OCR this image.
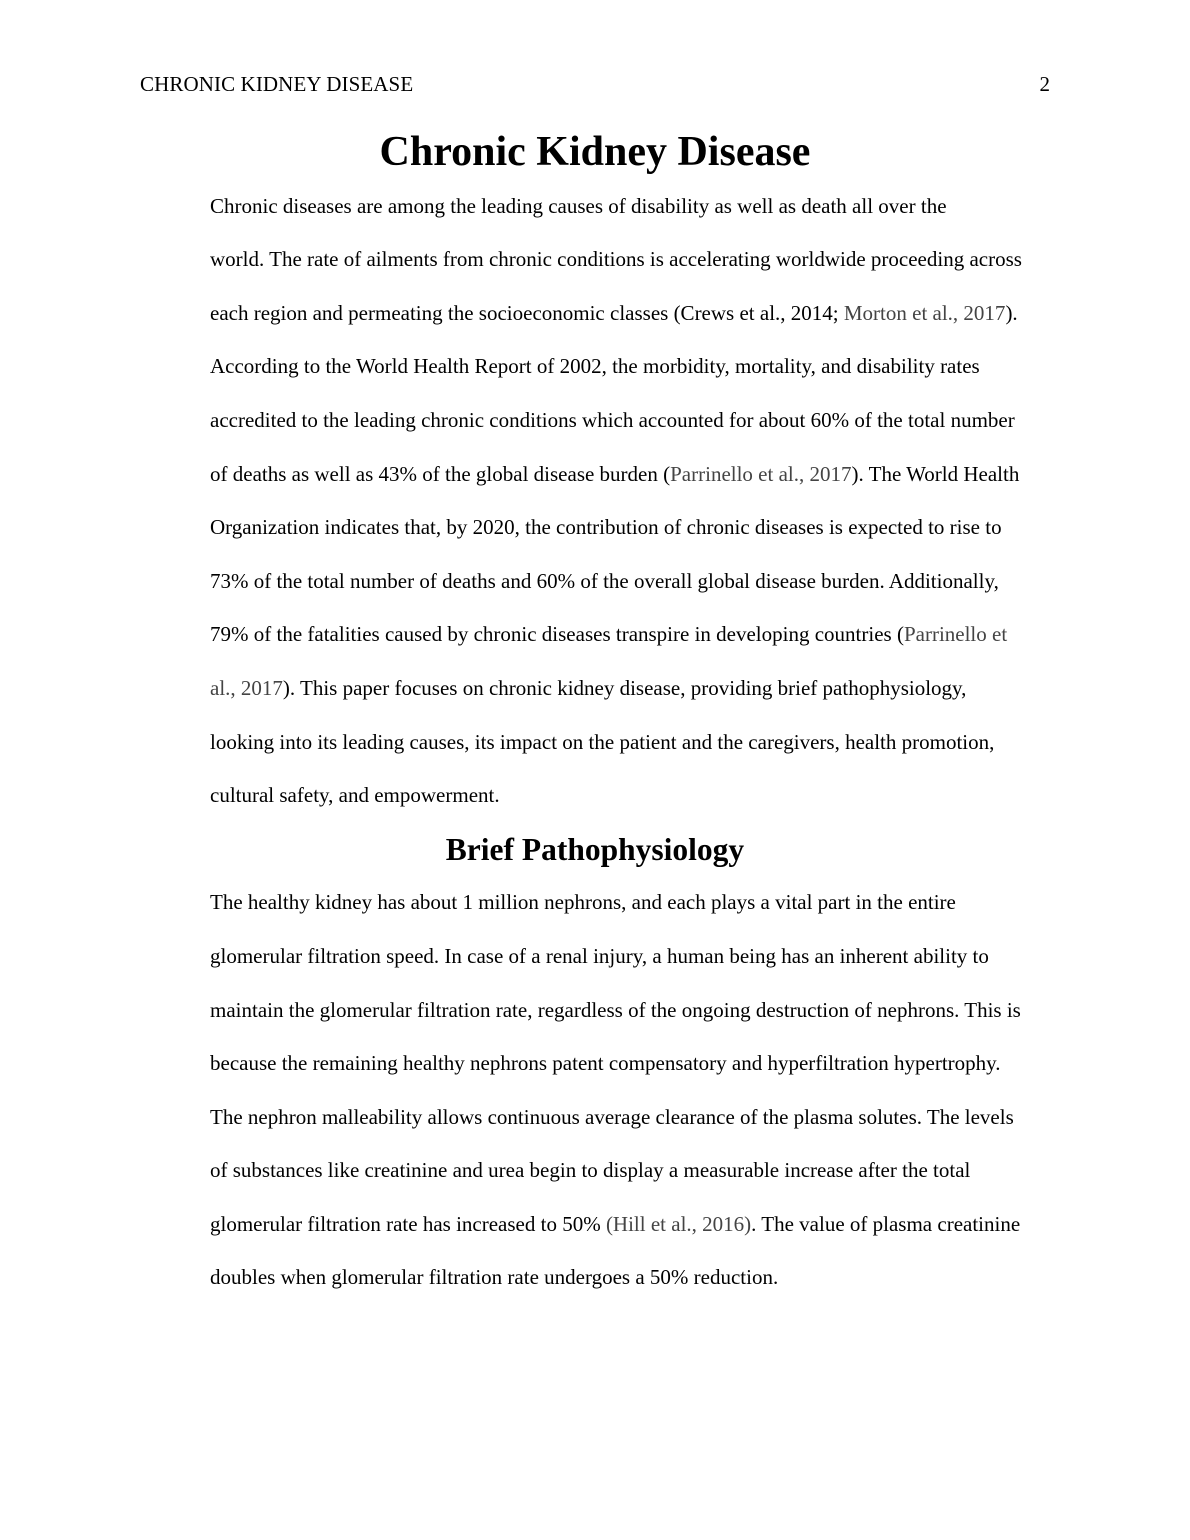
CHRONIC KIDNEY DISEASE	2
Chronic Kidney Disease

Chronic diseases are among the leading causes of disability as well as death all over the

world. The rate of ailments from chronic conditions is accelerating worldwide proceeding across
each region and permeating the socioeconomic classes (Crews et al., 2014; Morton et al., 2017).
According to the World Health Report of 2002, the morbidity, mortality, and disability rates
accredited to the leading chronic conditions which accounted for about 60% of the total number
of deaths as well as 43% of the global disease burden (Parrinello et al., 2017). The World Health
Organization indicates that, by 2020, the contribution of chronic diseases is expected to rise to
73% of the total number of deaths and 60% of the overall global disease burden. Additionally,
79% of the fatalities caused by chronic diseases transpire in developing countries (Parrinello et
al., 2017). This paper focuses on chronic kidney disease, providing brief pathophysiology,
looking into its leading causes, its impact on the patient and the caregivers, health promotion,
cultural safety, and empowerment.

Brief Pathophysiology

The healthy kidney has about 1 million nephrons, and each plays a vital part in the entire

glomerular filtration speed. In case of a renal injury, a human being has an inherent ability to
maintain the glomerular filtration rate, regardless of the ongoing destruction of nephrons. This is
because the remaining healthy nephrons patent compensatory and hyperfiltration hypertrophy.
The nephron malleability allows continuous average clearance of the plasma solutes. The levels
of substances like creatinine and urea begin to display a measurable increase after the total
glomerular filtration rate has increased to 50% (Hill et al., 2016). The value of plasma creatinine
doubles when glomerular filtration rate undergoes a 50% reduction.
